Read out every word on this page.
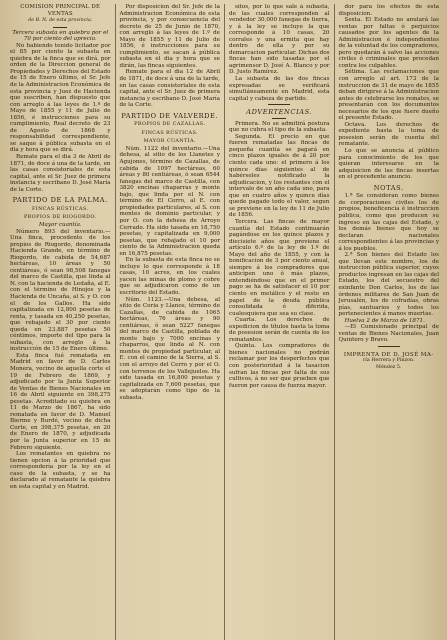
COMISION PRINCIPAL DE VENTAS
de B. N. de esta provincia.
Tercera subasta en quiebra por el 70 por ciento del aprecio.

No habiendo tenido licitador por el 85 por ciento la subasta en quiebra de la finca que se dirá, por orden de la Direccion general de Propiedades y Derechos del Estado de 15 de Enero último, el Sr. Jefe de la Administracion Económica de esta provincia y Juez de Hacienda que suscriben, han dispuesto que con arreglo á las leyes de 1.º de Mayo de 1855 y 11 de Julio de 1856, é instrucciones para su cumplimiento, Real decreto de 23 de Agosto de 1868 y responsabilidad correspondiente, se saque á pública subasta en el dia y hora que se dirá.

Remate para el dia 3 de Abril de 1871, de doce á una de la tarde, en las casas consistoriales de esta capital, ante el Sr. Juez de primera instancia y escribano D. José María de la Corte.

PARTIDO DE LA PALMA.
FINCAS RÚSTICAS.
PROPIOS DE RIOGORDO.
Mayor cuantía.

Número 893 del inventario.—Una finca, procedente de los propios de Riogordo, denominada Hacienda Grande, en término de Riogordo, de cabida de 54,687 hectáreas, 10 áreas y 50 centiáreas, ó sean 98,508 fanegas del marco de Castilla, que linda al N. con la hacienda de Ledaña, al E. con el término de Hinojos y la Hacienda de Uncaña, al S. y O. con el de los Gallos. Ha sido capitalizada en 12,800 pesetas de renta, y tasada en 40,250 pesetas, que rebajado el 30 por ciento queda en 23,887 pesetas 50 céntimos, importe del tipo para la subasta, con arreglo á la instrucción de 15 de Enero último.

Esta finca fué rematada en Madrid en favor de D. Carlos Monera, vecino de aquella corte el 19 de Febrero de 1869, y adjudicado por la Junta Superior de Ventas de Bienes Nacionales en 16 de Abril siguiente en 398,275 pesetas. Acreditado su quiebra en 11 de Marzo de 1867, ha sido rematada en favor de D. Manuel Bierme y Burdé, vecino de dicha Corte, en 398,375 pesetas, en 20 de Enero de 1870, y adjudicada por la Junta superior en 15 de Febrero siguiente.

Los rematantes en quiebra no tienen opcion á la prioridad que correspondería por la ley en el caso de la subasta, y se ha declarado al rematante la quiebra en esta capital y en Madrid.

Por disposicion del Sr. Jefe de la Administracion Económica de esta provincia, y por consecuencia del decreto de 25 de Junio de 1870, con arreglo á las leyes de 1.º de Mayo de 1855 y 11 de Julio de 1856, é instrucciones para su cumplimiento, se sacan á pública subasta en el dia y hora que se dirán, las fincas siguientes.

Remate para el dia 12 de Abril de 1871, de doce á una de la tarde, en las casas consistoriales de esta capital, ante el Sr. Juez de primera instancia y escribano D. José María de la Corte.

PARTIDO DE VALVERDE.
PROPIOS DE CAZALLAS.
FINCAS RÚSTICAS.
MAYOR CUANTÍA.

Núm. 1122 del inventario.—Una dehesa, al sitio de los Llanetes y Agujones, término de Cazallas, de cabida de 1097 hectáreas, 60 áreas y 80 centiáreas, ó sean 6544 fanegas del marco de Castilla, con 3820 encinas chaparras y monte bajo, que linda por el N. con término de El Cerro, al E. con propiedades particulares, al S. con montes de dominio particular, y por O. con la dehesa de Arroyo Cerrado. Ha sido tasada en 18,750 pesetas, y capitalizada en 9,000 pesetas, que rebajado el 10 por ciento de la Administracion queda en 16,875 pesetas.

En la subasta de esta finca no se incluye lo que corresponde á 18 casas, 10 acres, en los cuales yacen las minas de plomo y cobre que se adjudicaron como de un escritorio del Estado.

Núm. 1123.—Una dehesa, al sitio de Coria y Llanos, término de Cazallas, de cabida de 1065 hectáreas, 76 áreas y 90 centiáreas, ó sean 5227 fanegas del marco de Castilla, poblada de monte bajo y 7000 encinas y chaparros, que linda al N. con montes de propiedad particular, al E. con el camino de la Sierra, al S. con el arroyo del Cerro y por el O. con terrenos de los Vallejuelos. Ha sido tasada en 16,800 pesetas y capitalizada en 7,600 pesetas, que se adoptarán como tipo de la subasta.

sitos, por lo que sale á subasta, de las cuales corresponden al vendedor 30,000 fanegas de tierra, y á la ley se incluye la que corresponde á 10 casas, 20 corrales y una ermita que hay dentro de ella y por su demarcacion particular. Dichas dos fincas han sido tasadas por el agrimensor D. José A. Blanco y por D. Justo Ramírez.

La subasta de las dos fincas expresadas se verificará simultáneamente en Madrid, esta capital y cabeza de partido.

ADVERTENCIAS.

Primera. No se admitirá postura que no cubra el tipo de la subasta.

Segunda. El precio en que fueren rematadas las fincas de pequeña cuantía se pagará en cinco plazos iguales de á 20 por ciento cada uno: el primero á los quince días siguientes al de habérseles notificado la adjudicacion, y los restantes con el intervalo de un año cada uno, para que en cuatro años y quince días quede pagado todo el valor, segun se previene en la ley de 11 de Julio de 1856.

Tercera. Las fincas de mayor cuantía del Estado continuarán pagándose en los quince plazos y diecisiete años que previene el artículo 6.º de la ley de 1.º de Mayo del año de 1855, y con la bonificacion de 3 por ciento anual, siempre á los compradores que anticipen uno ó más plazos, entendiéndose que en el primer pago se ha de satisfacer el 10 por ciento en metálico y el resto en papel de la deuda pública consolidada ó diferida, cualesquiera que sea su clase.

Cuarta. Los derechos de expedicion de títulos hasta la toma de posesion serán de cuenta de los rematantes.

Quinta. Los compradores de bienes nacionales no podrán reclamar por los desperfectos que con posterioridad á la tasacion sufran las fincas por falta de sus cultivos, á no ser que prueben que fueron por causa de fuerza mayor.

dor para los efectos de esta disposicion.

Sexta. El Estado no anulará las ventas por faltas ó perjuicios causados por los agentes de la Administracion é independientes de la voluntad de los compradores, pero quedarán á salvo las acciones civiles ó criminales que procedan contra los culpables.

Sétima. Las reclamaciones que con arreglo al art. 173 de la instruccion de 31 de mayo de 1855 deban dirigirse á la Administracion antes de celebrarse los remates, se presentarán con los documentos necesarios de los que fuere dueño el presente Estado.

Octava. Los derechos de expediente hasta la toma de posesion serán de cuenta del rematante.

Lo que se anuncia al público para conocimiento de los que quieran interesarse en la adquisicion de las fincas insertas en el precedente anuncio.

NOTAS.

1.ª Se consideran como bienes de corporaciones civiles los de propios, beneficencia é instruccion pública, como que producen su ingreso en las cajas del Estado, y los demás bienes que hoy se declaran nacionales correspondientes á las provincias y á los pueblos.

2.ª Son bienes del Estado los que llevan este nombre, los de instruccion pública superior, cuyos productos ingresan en las cajas del Estado, los del secuestro del exinfante Don Carlos, los de las órdenes militares de San Juan de Jerusalén, los de cofradías, obras pías, santuarios y todos los pertenecientes á manos muertas.

Huelva 2 de Marzo de 1871.

—El Comisionado principal de ventas de Bienes Nacionales, Juan Quintero y Bravo.

IMPRENTA DE D. JOSÉ MA-
ría Herrera y Pinzon.
Méndez 5.
